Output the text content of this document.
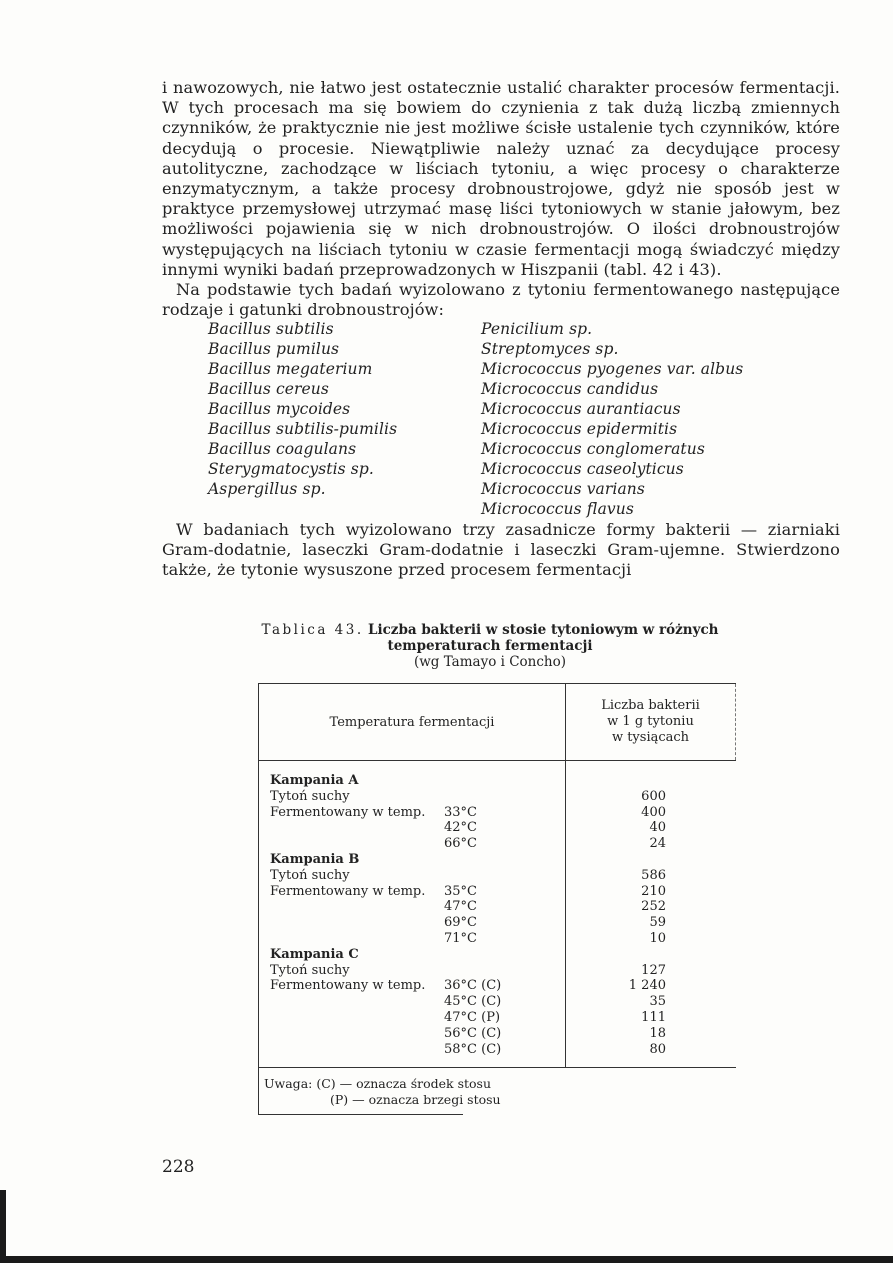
i nawozowych, nie łatwo jest ostatecznie ustalić charakter procesów fermentacji. W tych procesach ma się bowiem do czynienia z tak dużą liczbą zmiennych czynników, że praktycznie nie jest możliwe ścisłe ustalenie tych czynników, które decydują o procesie. Niewątpliwie należy uznać za decydujące procesy autolityczne, zachodzące w liściach tytoniu, a więc procesy o charakterze enzymatycznym, a także procesy drobnoustrojowe, gdyż nie sposób jest w praktyce przemysłowej utrzymać masę liści tytoniowych w stanie jałowym, bez możliwości pojawienia się w nich drobnoustrojów. O ilości drobnoustrojów występujących na liściach tytoniu w czasie fermentacji mogą świadczyć między innymi wyniki badań przeprowadzonych w Hiszpanii (tabl. 42 i 43).

Na podstawie tych badań wyizolowano z tytoniu fermentowanego następujące rodzaje i gatunki drobnoustrojów:

Bacillus subtilis
Bacillus pumilus
Bacillus megaterium
Bacillus cereus
Bacillus mycoides
Bacillus subtilis-pumilis
Bacillus coagulans
Sterygmatocystis sp.
Aspergillus sp.
Penicilium sp.
Streptomyces sp.
Micrococcus pyogenes var. albus
Micrococcus candidus
Micrococcus aurantiacus
Micrococcus epidermitis
Micrococcus conglomeratus
Micrococcus caseolyticus
Micrococcus varians
Micrococcus flavus

W badaniach tych wyizolowano trzy zasadnicze formy bakterii — ziarniaki Gram-dodatnie, laseczki Gram-dodatnie i laseczki Gram-ujemne. Stwierdzono także, że tytonie wysuszone przed procesem fermentacji

Tablica 43. Liczba bakterii w stosie tytoniowym w różnych temperaturach fermentacji
(wg Tamayo i Concho)
Temperatura fermentacji
Liczba bakterii
w 1 g tytoniu
w tysiącach
Kampania A
Tytoń suchy	600
Fermentowany w temp.	33°C	400
42°C	40
66°C	24
Kampania B
Tytoń suchy	586
Fermentowany w temp.	35°C	210
47°C	252
69°C	59
71°C	10
Kampania C
Tytoń suchy	127
Fermentowany w temp.	36°C (C)	1 240
45°C (C)	35
47°C (P)	111
56°C (C)	18
58°C (C)	80
Uwaga: (C) — oznacza środek stosu
(P) — oznacza brzegi stosu
228
